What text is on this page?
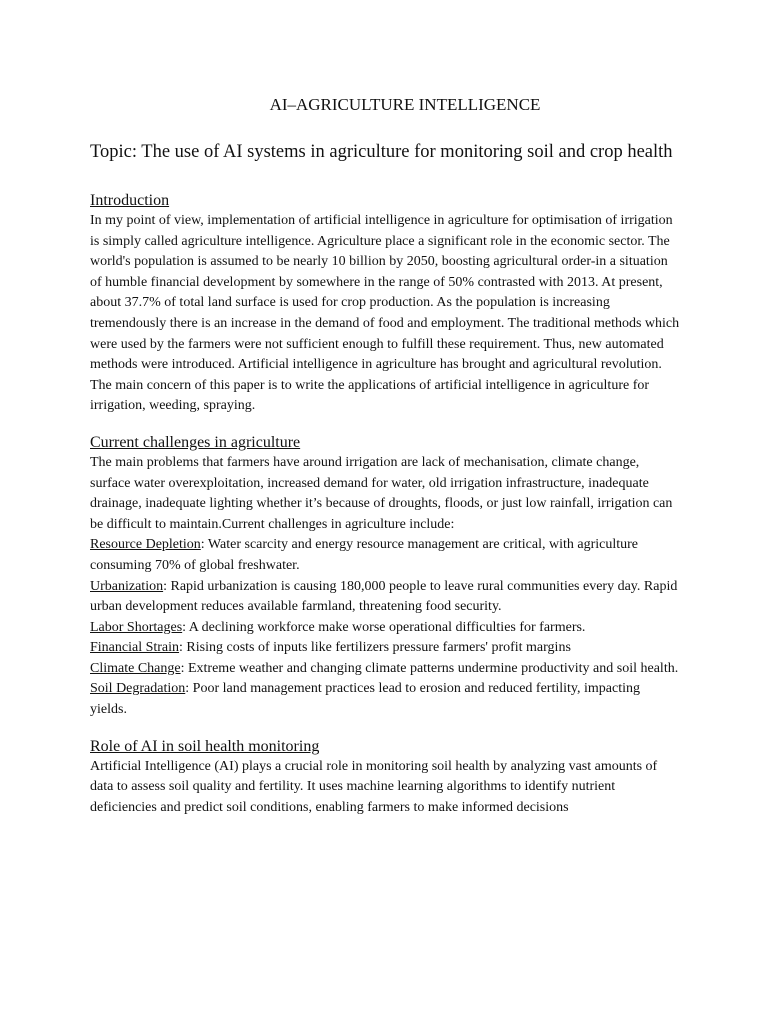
AI–AGRICULTURE INTELLIGENCE
Topic: The use of AI systems in agriculture for monitoring soil and crop health
Introduction

In my point of view, implementation of artificial intelligence in agriculture for optimisation of irrigation is simply called agriculture intelligence. Agriculture place a significant role in the economic sector. The world's population is assumed to be nearly 10 billion by 2050, boosting agricultural order-in a situation of humble financial development by somewhere in the range of 50% contrasted with 2013. At present, about 37.7% of total land surface is used for crop production. As the population is increasing tremendously there is an increase in the demand of food and employment. The traditional methods which were used by the farmers were not sufficient enough to fulfill these requirement. Thus, new automated methods were introduced. Artificial intelligence in agriculture has brought and agricultural revolution. The main concern of this paper is to write the applications of artificial intelligence in agriculture for irrigation, weeding, spraying.

Current challenges in agriculture

The main problems that farmers have around irrigation are lack of mechanisation, climate change, surface water overexploitation, increased demand for water, old irrigation infrastructure, inadequate drainage, inadequate lighting whether it’s because of droughts, floods, or just low rainfall, irrigation can be difficult to maintain.Current challenges in agriculture include:

Resource Depletion: Water scarcity and energy resource management are critical, with agriculture consuming 70% of global freshwater.

Urbanization: Rapid urbanization is causing 180,000 people to leave rural communities every day. Rapid urban development reduces available farmland, threatening food security.

Labor Shortages: A declining workforce make worse operational difficulties for farmers.

Financial Strain: Rising costs of inputs like fertilizers pressure farmers' profit margins

Climate Change: Extreme weather and changing climate patterns undermine productivity and soil health.

Soil Degradation: Poor land management practices lead to erosion and reduced fertility, impacting yields.

Role of AI in soil health monitoring

Artificial Intelligence (AI) plays a crucial role in monitoring soil health by analyzing vast amounts of data to assess soil quality and fertility. It uses machine learning algorithms to identify nutrient deficiencies and predict soil conditions, enabling farmers to make informed decisions
